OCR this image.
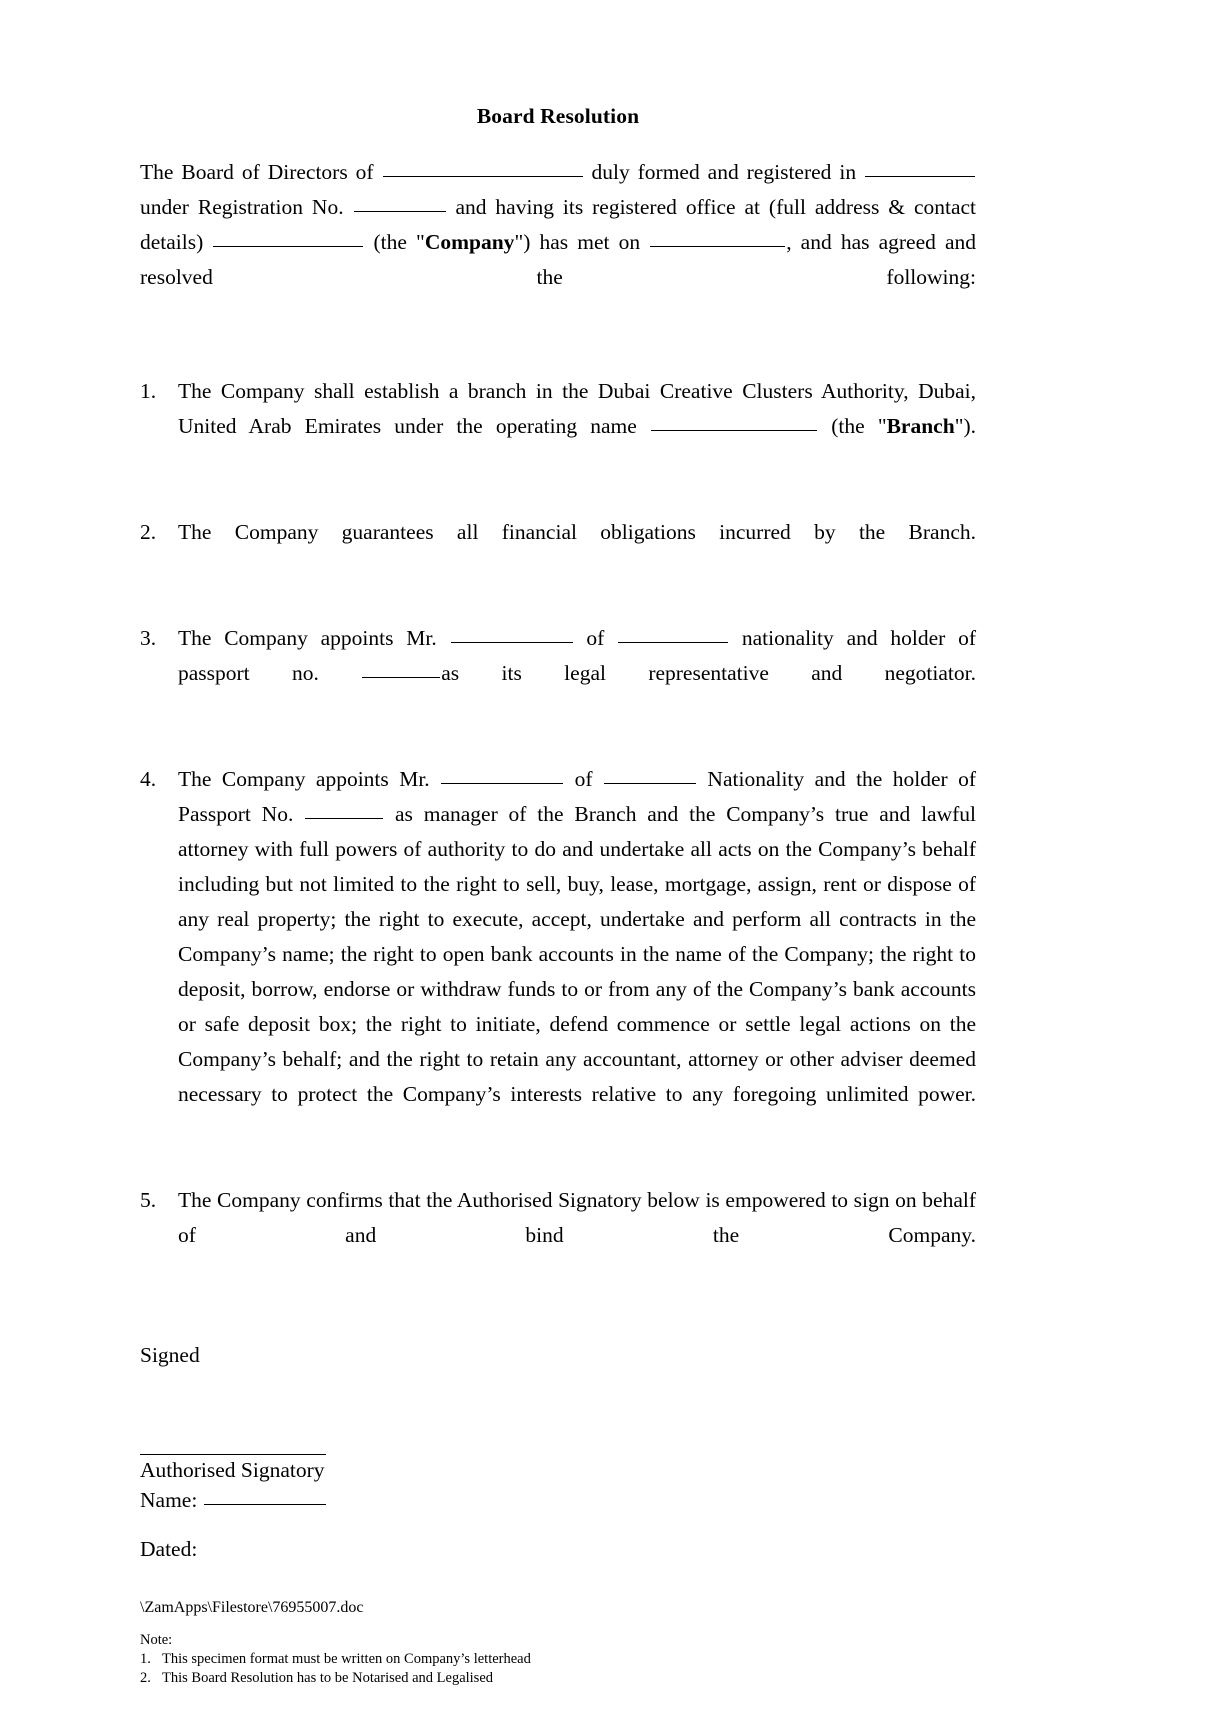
Board Resolution

The Board of Directors of	duly formed and registered in  under Registration No.	and having its registered office at (full address & contact details)	(the "Company") has met on	, and has agreed and resolved the following:

1.	The Company shall establish a branch in the Dubai Creative Clusters Authority, Dubai, United Arab Emirates under the operating name	(the "Branch").
2.	The Company guarantees all financial obligations incurred by the Branch.
3.	The Company appoints Mr.	of	nationality and holder of passport no.	as its legal representative and negotiator.
4.	The Company appoints Mr.	of	Nationality and the holder of Passport No.	as manager of the Branch and the Company’s true and lawful attorney with full powers of authority to do and undertake all acts on the Company’s behalf including but not limited to the right to sell, buy, lease, mortgage, assign, rent or dispose of any real property; the right to execute, accept, undertake and perform all contracts in the Company’s name; the right to open bank accounts in the name of the Company; the right to deposit, borrow, endorse or withdraw funds to or from any of the Company’s bank accounts or safe deposit box; the right to initiate, defend commence or settle legal actions on the Company’s behalf; and the right to retain any accountant, attorney or other adviser deemed necessary to protect the Company’s interests relative to any foregoing unlimited power.
5.	The Company confirms that the Authorised Signatory below is empowered to sign on behalf of and bind the Company.

Signed

Authorised Signatory

Name:

Dated:

Note:

1. This specimen format must be written on Company’s letterhead

2. This Board Resolution has to be Notarised and Legalised

\ZamApps\Filestore\76955007.doc
